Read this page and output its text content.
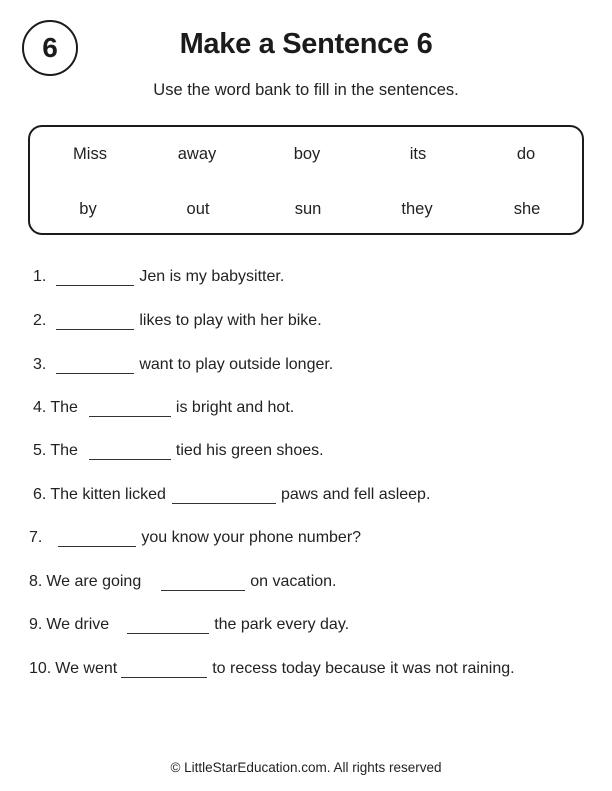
6	Make a Sentence 6
Use the word bank to fill in the sentences.
Miss	away	boy	its	do
by	out	sun	they	she
1.	Jen is my babysitter.
2.	likes to play with her bike.
3.	want to play outside longer.
4. The	is bright and hot.
5. The	tied his green shoes.
6. The kitten licked	paws and fell asleep.
7.	you know your phone number?
8. We are going	on vacation.
9. We drive	the park every day.
10. We went	to recess today because it was not raining.
© LittleStarEducation.com. All rights reserved
